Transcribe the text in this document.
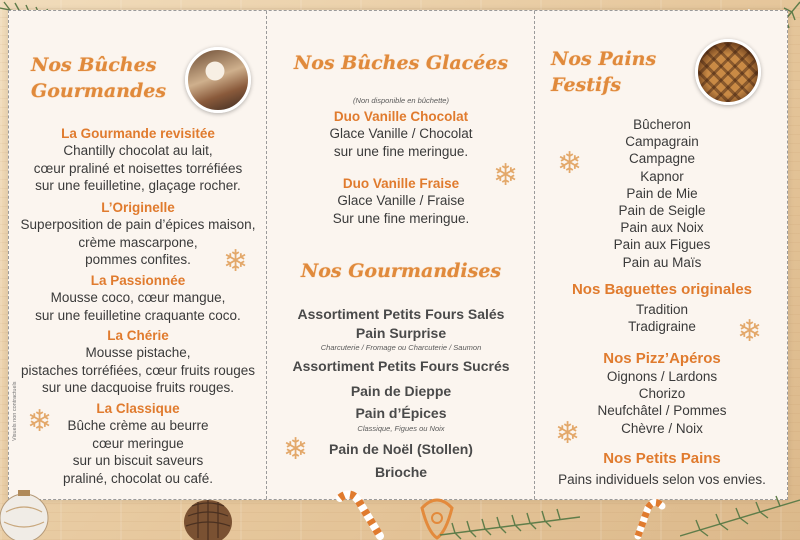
Nos Bûches
Gourmandes
La Gourmande revisitée
Chantilly chocolat au lait,
cœur praliné et noisettes torréfiées
sur une feuilletine, glaçage rocher.
L’Originelle
Superposition de pain d’épices maison,
crème mascarpone,
pommes confites.
La Passionnée
Mousse coco, cœur mangue,
sur une feuilletine craquante coco.
La Chérie
Mousse pistache,
pistaches torréfiées, cœur fruits rouges
sur une dacquoise fruits rouges.
La Classique
Bûche crème au beurre
cœur meringue
sur un biscuit saveurs
praliné, chocolat ou café.
Visuels non contractuels
❄
❄
Nos Bûches Glacées
(Non disponible en bûchette)
Duo Vanille Chocolat
Glace Vanille / Chocolat
sur une fine meringue.
Duo Vanille Fraise
Glace Vanille / Fraise
Sur une fine meringue.
❄
Nos Gourmandises
Assortiment Petits Fours Salés
Pain Surprise
Charcuterie / Fromage ou Charcuterie / Saumon
Assortiment Petits Fours Sucrés
Pain de Dieppe
Pain d’Épices
Classique, Figues ou Noix
Pain de Noël (Stollen)
Brioche
❄
Nos Pains
Festifs
Bûcheron
Campagrain
Campagne
Kapnor
Pain de Mie
Pain de Seigle
Pain aux Noix
Pain aux Figues
Pain au Maïs
Nos Baguettes originales
Tradition
Tradigraine
Nos Pizz’Apéros
Oignons / Lardons
Chorizo
Neufchâtel / Pommes
Chèvre / Noix
Nos Petits Pains
Pains individuels selon vos envies.
❄
❄
❄
